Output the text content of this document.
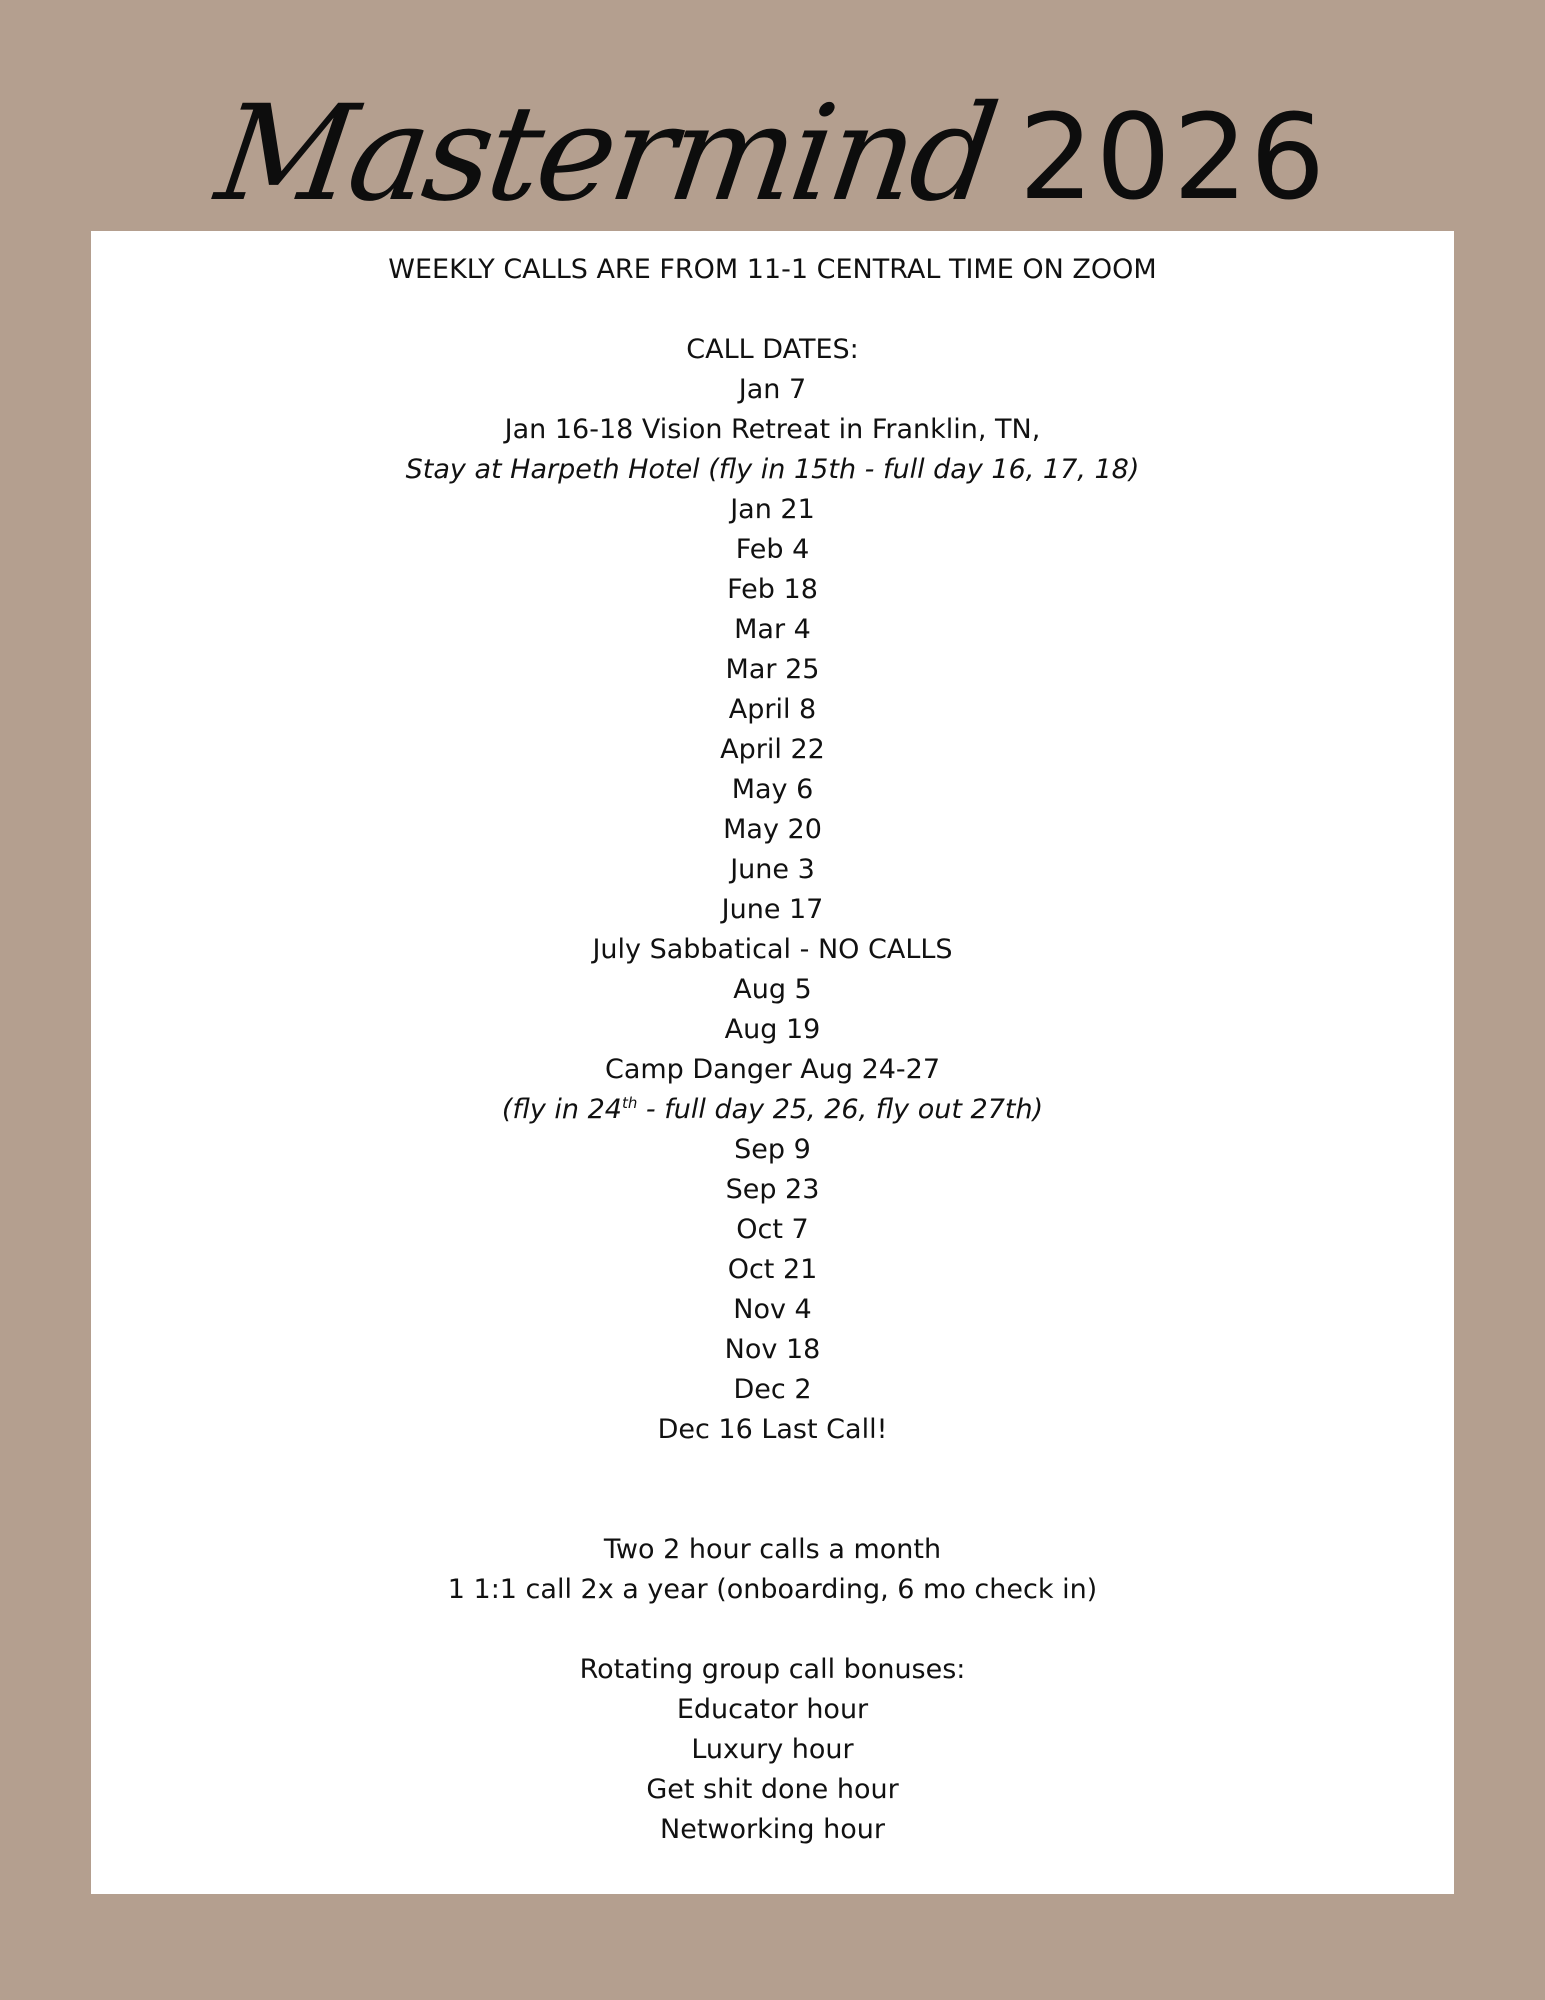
Mastermind 2026
WEEKLY CALLS ARE FROM 11-1 CENTRAL TIME ON ZOOM
CALL DATES:
Jan 7
Jan 16-18 Vision Retreat in Franklin, TN,
Stay at Harpeth Hotel (fly in 15th - full day 16, 17, 18)
Jan 21
Feb 4
Feb 18
Mar 4
Mar 25
April 8
April 22
May 6
May 20
June 3
June 17
July Sabbatical - NO CALLS
Aug 5
Aug 19
Camp Danger Aug 24-27
(fly in 24th - full day 25, 26, fly out 27th)
Sep 9
Sep 23
Oct 7
Oct 21
Nov 4
Nov 18
Dec 2
Dec 16 Last Call!
Two 2 hour calls a month
1 1:1 call 2x a year (onboarding, 6 mo check in)
Rotating group call bonuses:
Educator hour
Luxury hour
Get shit done hour
Networking hour
